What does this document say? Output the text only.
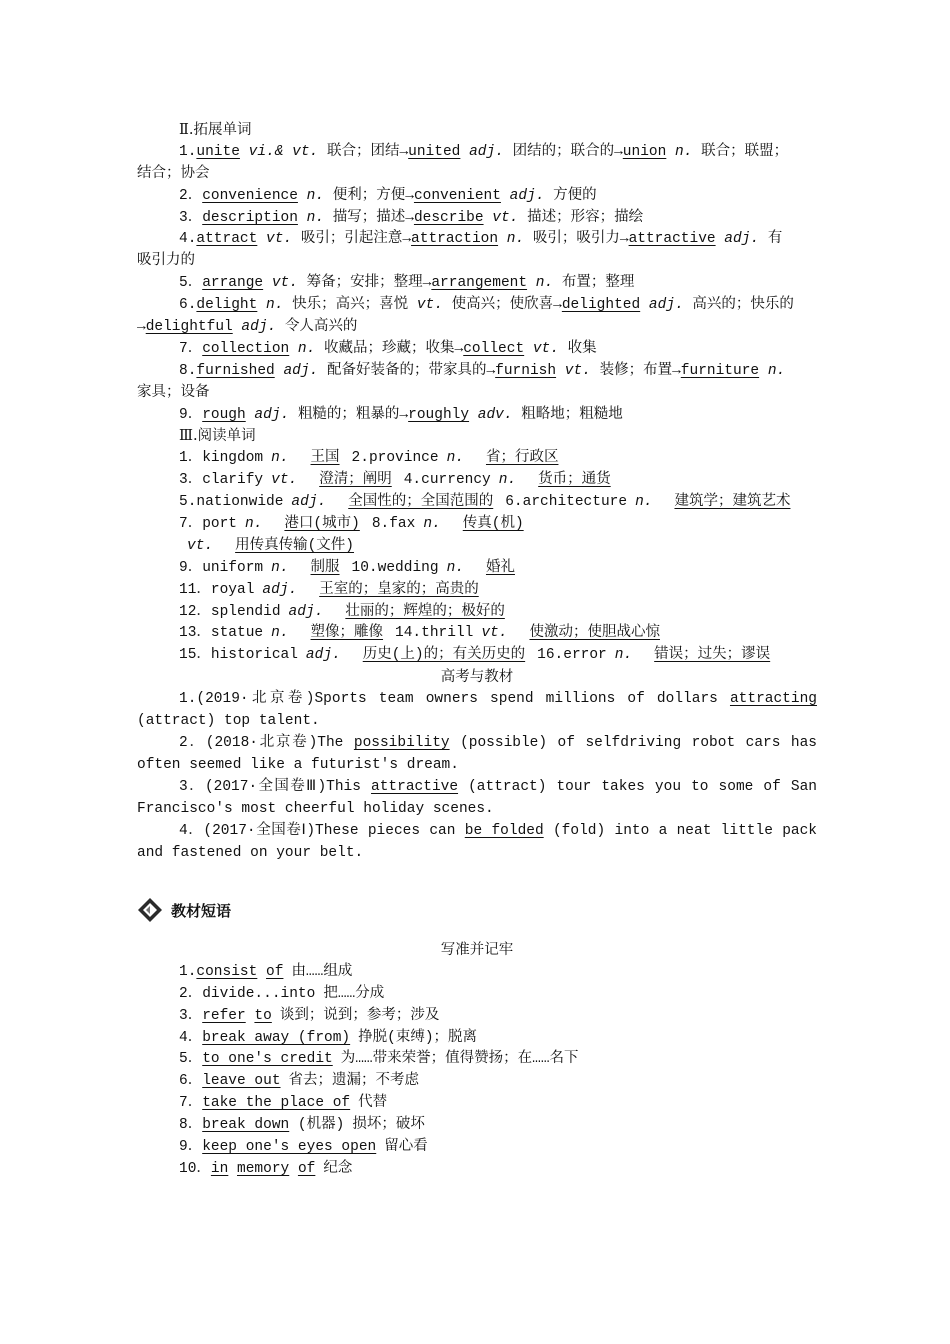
Ⅱ.拓展单词
1.unite vi.& vt. 联合；团结→united adj. 团结的；联合的→union n. 联合；联盟；
结合；协会
2．convenience n. 便利；方便→convenient adj. 方便的
3．description n. 描写；描述→describe vt. 描述；形容；描绘
4.attract vt. 吸引；引起注意→attraction n. 吸引；吸引力→attractive adj. 有
吸引力的
5．arrange vt. 筹备；安排；整理→arrangement n. 布置；整理
6.delight n. 快乐；高兴；喜悦 vt. 使高兴；使欣喜→delighted adj. 高兴的；快乐的
→delightful adj. 令人高兴的
7．collection n. 收藏品；珍藏；收集→collect vt. 收集
8.furnished adj. 配备好装备的；带家具的→furnish vt. 装修；布置→furniture n.
家具；设备
9．rough adj. 粗糙的；粗暴的→roughly adv. 粗略地；粗糙地
Ⅲ.阅读单词
1．kingdom n. 王国 2.province n. 省；行政区
3．clarify vt. 澄清；阐明 4.currency n. 货币；通货
5.nationwide adj. 全国性的；全国范围的 6.architecture n. 建筑学；建筑艺术
7．port n. 港口(城市) 8.fax n. 传真(机)
vt. 用传真传输(文件)
9．uniform n. 制服 10.wedding n. 婚礼
11．royal adj. 王室的；皇家的；高贵的
12．splendid adj. 壮丽的；辉煌的；极好的
13．statue n. 塑像；雕像 14.thrill vt. 使激动；使胆战心惊
15．historical adj. 历史(上)的；有关历史的 16.error n. 错误；过失；谬误
高考与教材
1.(2019·北京卷)Sports team owners spend millions of dollars attracting (attract) top talent.
2．(2018·北京卷)The possibility (possible) of selfdriving robot cars has often seemed like a futurist's dream.
3．(2017·全国卷Ⅲ)This attractive (attract) tour takes you to some of San Francisco's most cheerful holiday scenes.
4．(2017·全国卷Ⅰ)These pieces can be folded (fold) into a neat little pack and fastened on your belt.
教材短语
写准并记牢
1.consist of 由……组成
2．divide...into 把……分成
3．refer to 谈到；说到；参考；涉及
4．break away (from) 挣脱(束缚)；脱离
5．to one's credit 为……带来荣誉；值得赞扬；在……名下
6．leave out 省去；遗漏；不考虑
7．take the place of 代替
8．break down (机器) 损坏；破坏
9．keep one's eyes open 留心看
10．in memory of 纪念
